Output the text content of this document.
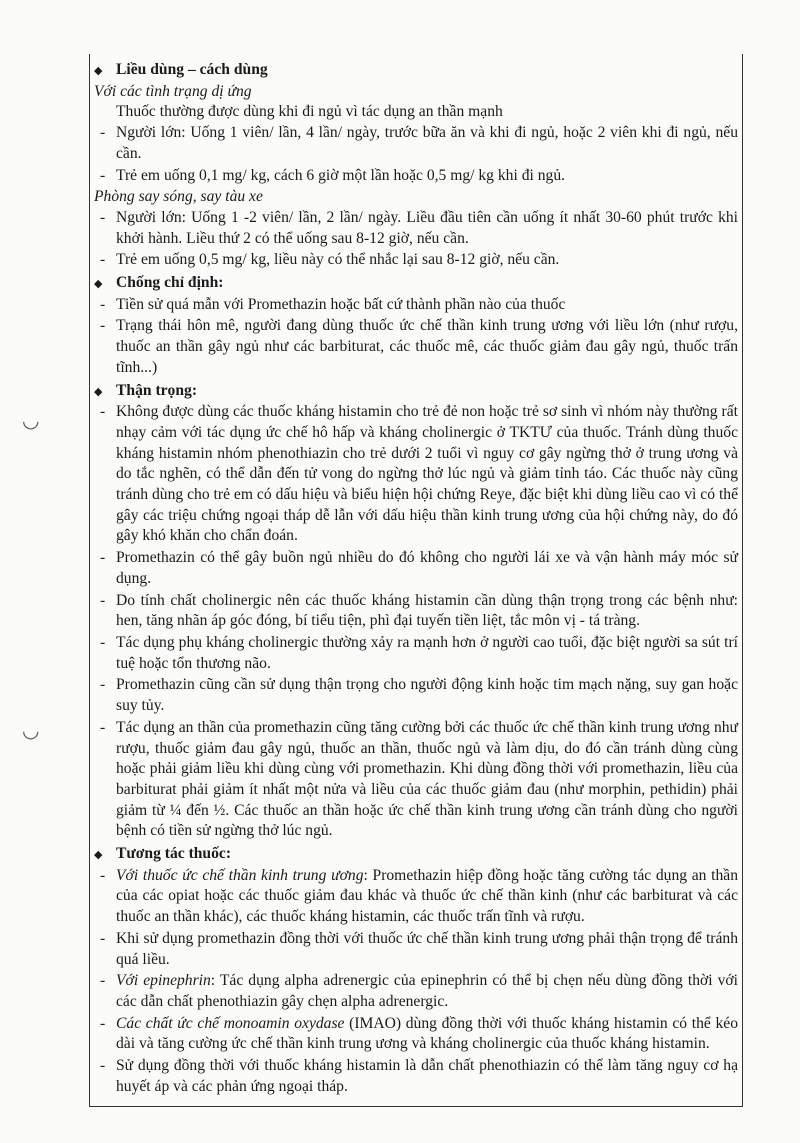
◡
◡
◆ Liều dùng – cách dùng
Với các tình trạng dị ứng
Thuốc thường được dùng khi đi ngủ vì tác dụng an thần mạnh
- Người lớn: Uống 1 viên/ lần, 4 lần/ ngày, trước bữa ăn và khi đi ngủ, hoặc 2 viên khi đi ngủ, nếu cần.
- Trẻ em uống 0,1 mg/ kg, cách 6 giờ một lần hoặc 0,5 mg/ kg khi đi ngủ.
Phòng say sóng, say tàu xe
- Người lớn: Uống 1 -2 viên/ lần, 2 lần/ ngày. Liều đầu tiên cần uống ít nhất 30-60 phút trước khi khởi hành. Liều thứ 2 có thể uống sau 8-12 giờ, nếu cần.
- Trẻ em uống 0,5 mg/ kg, liều này có thể nhắc lại sau 8-12 giờ, nếu cần.
◆ Chống chỉ định:
- Tiền sử quá mẫn với Promethazin hoặc bất cứ thành phần nào của thuốc
- Trạng thái hôn mê, người đang dùng thuốc ức chế thần kinh trung ương với liều lớn (như rượu, thuốc an thần gây ngủ như các barbiturat, các thuốc mê, các thuốc giảm đau gây ngủ, thuốc trấn tĩnh...)
◆ Thận trọng:
- Không được dùng các thuốc kháng histamin cho trẻ đẻ non hoặc trẻ sơ sinh vì nhóm này thường rất nhạy cảm với tác dụng ức chế hô hấp và kháng cholinergic ở TKTƯ của thuốc. Tránh dùng thuốc kháng histamin nhóm phenothiazin cho trẻ dưới 2 tuổi vì nguy cơ gây ngừng thở ở trung ương và do tắc nghẽn, có thể dẫn đến tử vong do ngừng thở lúc ngủ và giảm tỉnh táo. Các thuốc này cũng tránh dùng cho trẻ em có dấu hiệu và biểu hiện hội chứng Reye, đặc biệt khi dùng liều cao vì có thể gây các triệu chứng ngoại tháp dễ lẫn với dấu hiệu thần kinh trung ương của hội chứng này, do đó gây khó khăn cho chẩn đoán.
- Promethazin có thể gây buồn ngủ nhiều do đó không cho người lái xe và vận hành máy móc sử dụng.
- Do tính chất cholinergic nên các thuốc kháng histamin cần dùng thận trọng trong các bệnh như: hen, tăng nhãn áp góc đóng, bí tiểu tiện, phì đại tuyến tiền liệt, tắc môn vị - tá tràng.
- Tác dụng phụ kháng cholinergic thường xảy ra mạnh hơn ở người cao tuổi, đặc biệt người sa sút trí tuệ hoặc tổn thương não.
- Promethazin cũng cần sử dụng thận trọng cho người động kinh hoặc tim mạch nặng, suy gan hoặc suy tủy.
- Tác dụng an thần của promethazin cũng tăng cường bởi các thuốc ức chế thần kinh trung ương như rượu, thuốc giảm đau gây ngủ, thuốc an thần, thuốc ngủ và làm dịu, do đó cần tránh dùng cùng hoặc phải giảm liều khi dùng cùng với promethazin. Khi dùng đồng thời với promethazin, liều của barbiturat phải giảm ít nhất một nửa và liều của các thuốc giảm đau (như morphin, pethidin) phải giảm từ ¼ đến ½. Các thuốc an thần hoặc ức chế thần kinh trung ương cần tránh dùng cho người bệnh có tiền sử ngừng thở lúc ngủ.
◆ Tương tác thuốc:
- Với thuốc ức chế thần kinh trung ương: Promethazin hiệp đồng hoặc tăng cường tác dụng an thần của các opiat hoặc các thuốc giảm đau khác và thuốc ức chế thần kinh (như các barbiturat và các thuốc an thần khác), các thuốc kháng histamin, các thuốc trấn tĩnh và rượu.
- Khi sử dụng promethazin đồng thời với thuốc ức chế thần kinh trung ương phải thận trọng để tránh quá liều.
- Với epinephrin: Tác dụng alpha adrenergic của epinephrin có thể bị chẹn nếu dùng đồng thời với các dẫn chất phenothiazin gây chẹn alpha adrenergic.
- Các chất ức chế monoamin oxydase (IMAO) dùng đồng thời với thuốc kháng histamin có thể kéo dài và tăng cường ức chế thần kinh trung ương và kháng cholinergic của thuốc kháng histamin.
- Sử dụng đồng thời với thuốc kháng histamin là dẫn chất phenothiazin có thể làm tăng nguy cơ hạ huyết áp và các phản ứng ngoại tháp.
